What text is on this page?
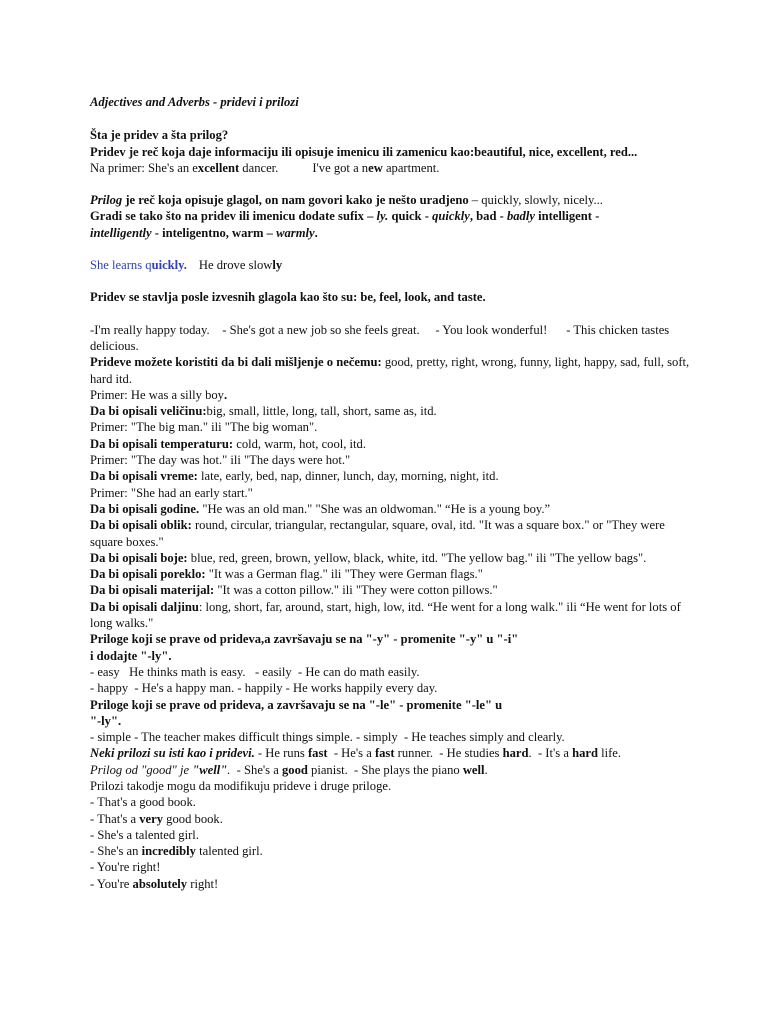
Adjectives and Adverbs - pridevi i prilozi

Šta je pridev a šta prilog?

Pridev je reč koja daje informaciju ili opisuje imenicu ili zamenicu kao:beautiful, nice, excellent, red...

Na primer: She's an excellent dancer.	I've got a new apartment.

Prilog je reč koja opisuje glagol, on nam govori kako je nešto uradjeno – quickly, slowly, nicely...

Gradi se tako što na pridev ili imenicu dodate sufix – ly. quick - quickly, bad - badly intelligent -

intelligently - inteligentno, warm – warmly.

She learns quickly. He drove slowly

Pridev se stavlja posle izvesnih glagola kao što su: be, feel, look, and taste.

-I'm really happy today.    - She's got a new job so she feels great.     - You look wonderful!      - This chicken tastes delicious.

Prideve možete koristiti da bi dali mišljenje o nečemu: good, pretty, right, wrong, funny, light, happy, sad, full, soft, hard itd.

Primer: He was a silly boy.

Da bi opisali veličinu:big, small, little, long, tall, short, same as, itd.

Primer: "The big man." ili "The big woman".

Da bi opisali temperaturu: cold, warm, hot, cool, itd.

Primer: "The day was hot." ili "The days were hot."

Da bi opisali vreme: late, early, bed, nap, dinner, lunch, day, morning, night, itd.

Primer: "She had an early start."

Da bi opisali godine. "He was an old man." "She was an oldwoman." “He is a young boy.”

Da bi opisali oblik: round, circular, triangular, rectangular, square, oval, itd. "It was a square box." or "They were square boxes."

Da bi opisali boje: blue, red, green, brown, yellow, black, white, itd. "The yellow bag." ili "The yellow bags".

Da bi opisali poreklo: "It was a German flag." ili "They were German flags."

Da bi opisali materijal: "It was a cotton pillow." ili "They were cotton pillows."

Da bi opisali daljinu: long, short, far, around, start, high, low, itd. “He went for a long walk." ili “He went for lots of long walks."

Priloge koji se prave od prideva,a završavaju se na "-y" - promenite "-y" u "-i"

i dodajte "-ly".

- easy   He thinks math is easy.   - easily  - He can do math easily.

- happy  - He's a happy man. - happily - He works happily every day.

Priloge koji se prave od prideva, a završavaju se na "-le" - promenite "-le" u

"-ly".

- simple - The teacher makes difficult things simple. - simply  - He teaches simply and clearly.

Neki prilozi su isti kao i pridevi. - He runs fast  - He's a fast runner.  - He studies hard.  - It's a hard life.

Prilog od "good" je "well".  - She's a good pianist.  - She plays the piano well.

Prilozi takodje mogu da modifikuju prideve i druge priloge.

- That's a good book.

- That's a very good book.

- She's a talented girl.

- She's an incredibly talented girl.

- You're right!

- You're absolutely right!
